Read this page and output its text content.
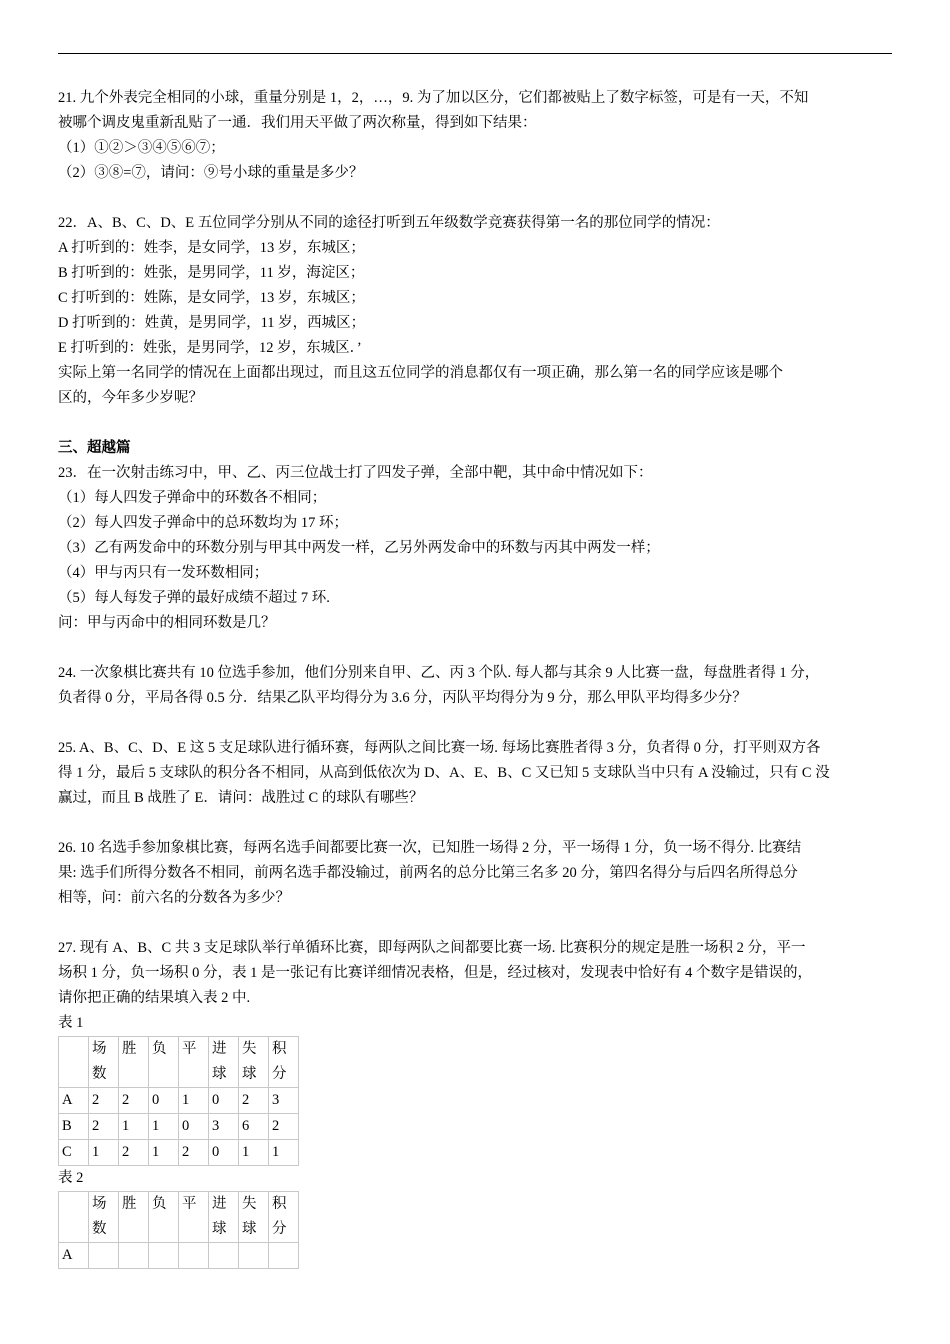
21. 九个外表完全相同的小球，重量分别是 1，2，…，9. 为了加以区分，它们都被贴上了数字标签，可是有一天，不知
被哪个调皮鬼重新乱贴了一通．我们用天平做了两次称量，得到如下结果：
（1）①②＞③④⑤⑥⑦；
（2）③⑧=⑦，请问：⑨号小球的重量是多少？
22．A、B、C、D、E 五位同学分别从不同的途径打听到五年级数学竞赛获得第一名的那位同学的情况：
A 打听到的：姓李，是女同学，13 岁，东城区；
B 打听到的：姓张，是男同学，11 岁，海淀区；
C 打听到的：姓陈，是女同学，13 岁，东城区；
D 打听到的：姓黄，是男同学，11 岁，西城区；
E 打听到的：姓张，是男同学，12 岁，东城区．’
实际上第一名同学的情况在上面都出现过，而且这五位同学的消息都仅有一项正确，那么第一名的同学应该是哪个
区的，今年多少岁呢？
三、超越篇
23．在一次射击练习中，甲、乙、丙三位战士打了四发子弹，全部中靶，其中命中情况如下：
（1）每人四发子弹命中的环数各不相同；
（2）每人四发子弹命中的总环数均为 17 环；
（3）乙有两发命中的环数分别与甲其中两发一样，乙另外两发命中的环数与丙其中两发一样；
（4）甲与丙只有一发环数相同；
（5）每人每发子弹的最好成绩不超过 7 环.
问：甲与丙命中的相同环数是几？
24. 一次象棋比赛共有 10 位选手参加，他们分别来自甲、乙、丙 3 个队. 每人都与其余 9 人比赛一盘，每盘胜者得 1 分，
负者得 0 分，平局各得 0.5 分．结果乙队平均得分为 3.6 分，丙队平均得分为 9 分，那么甲队平均得多少分？
25. A、B、C、D、E 这 5 支足球队进行循环赛，每两队之间比赛一场. 每场比赛胜者得 3 分，负者得 0 分，打平则双方各
得 1 分，最后 5 支球队的积分各不相同，从高到低依次为 D、A、E、B、C 又已知 5 支球队当中只有 A 没输过，只有 C 没
赢过，而且 B 战胜了 E．请问：战胜过 C 的球队有哪些？
26. 10 名选手参加象棋比赛，每两名选手间都要比赛一次，已知胜一场得 2 分，平一场得 1 分，负一场不得分. 比赛结
果: 选手们所得分数各不相同，前两名选手都没输过，前两名的总分比第三名多 20 分，第四名得分与后四名所得总分
相等，问：前六名的分数各为多少？
27. 现有 A、B、C 共 3 支足球队举行单循环比赛，即每两队之间都要比赛一场. 比赛积分的规定是胜一场积 2 分，平一
场积 1 分，负一场积 0 分，表 1 是一张记有比赛详细情况表格，但是，经过核对，发现表中恰好有 4 个数字是错误的，
请你把正确的结果填入表 2 中.
表 1

	场数	胜	负	平	进球	失球	积分

A	2	2	0	1	0	2	3
B	2	1	1	0	3	6	2
C	1	2	1	2	0	1	1
表 2

	场数	胜	负	平	进球	失球	积分

A							
